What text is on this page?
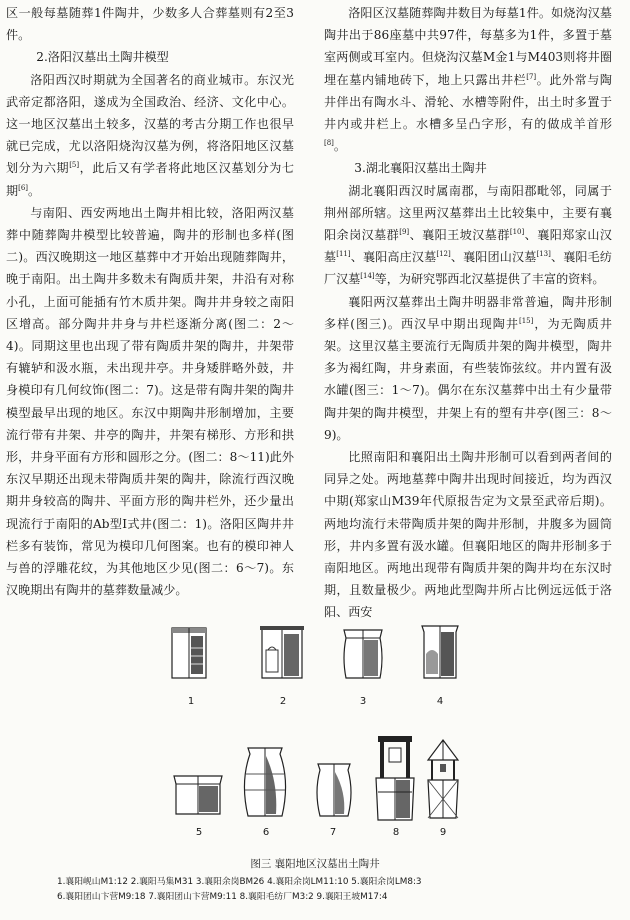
区一般每墓随葬1件陶井，少数多人合葬墓则有2至3件。

2.洛阳汉墓出土陶井模型

洛阳西汉时期就为全国著名的商业城市。东汉光武帝定都洛阳，遂成为全国政治、经济、文化中心。这一地区汉墓出土较多，汉墓的考古分期工作也很早就已完成，尤以洛阳烧沟汉墓为例，将洛阳地区汉墓划分为六期[5]，此后又有学者将此地区汉墓划分为七期[6]。

与南阳、西安两地出土陶井相比较，洛阳两汉墓葬中随葬陶井模型比较普遍，陶井的形制也多样(图二)。西汉晚期这一地区墓葬中才开始出现随葬陶井，晚于南阳。出土陶井多数未有陶质井架，井沿有对称小孔，上面可能插有竹木质井架。陶井井身较之南阳区增高。部分陶井井身与井栏逐渐分离(图二：2～4)。同期这里也出现了带有陶质井架的陶井，井架带有辘轳和汲水瓶，未出现井亭。井身矮胖略外鼓，井身模印有几何纹饰(图二：7)。这是带有陶井架的陶井模型最早出现的地区。东汉中期陶井形制增加，主要流行带有井架、井亭的陶井，井架有梯形、方形和拱形，井身平面有方形和圆形之分。(图二：8～11)此外东汉早期还出现未带陶质井架的陶井，除流行西汉晚期井身较高的陶井、平面方形的陶井栏外，还少量出现流行于南阳的Ab型Ⅰ式井(图二：1)。洛阳区陶井井栏多有装饰，常见为模印几何图案。也有的模印神人与兽的浮雕花纹，为其他地区少见(图二：6～7)。东汉晚期出有陶井的墓葬数量减少。

洛阳区汉墓随葬陶井数目为每墓1件。如烧沟汉墓陶井出于86座墓中共97件，每墓多为1件，多置于墓室两侧或耳室内。但烧沟汉墓M金1与M403则将井圈埋在墓内铺地砖下，地上只露出井栏[7]。此外常与陶井伴出有陶水斗、滑轮、水槽等附件，出土时多置于井内或井栏上。水槽多呈凸字形，有的做成羊首形[8]。

3.湖北襄阳汉墓出土陶井

湖北襄阳西汉时属南郡，与南阳郡毗邻，同属于荆州部所辖。这里两汉墓葬出土比较集中，主要有襄阳余岗汉墓群[9]、襄阳王坡汉墓群[10]、襄阳郑家山汉墓[11]、襄阳高庄汉墓[12]、襄阳团山汉墓[13]、襄阳毛纺厂汉墓[14]等，为研究鄂西北汉墓提供了丰富的资料。

襄阳两汉墓葬出土陶井明器非常普遍，陶井形制多样(图三)。西汉早中期出现陶井[15]，为无陶质井架。这里汉墓主要流行无陶质井架的陶井模型，陶井多为褐红陶，井身素面，有些装饰弦纹。井内置有汲水罐(图三：1～7)。偶尔在东汉墓葬中出土有少量带陶井架的陶井模型，井架上有的塑有井亭(图三：8～9)。

比照南阳和襄阳出土陶井形制可以看到两者间的同异之处。两地墓葬中陶井出现时间接近，均为西汉中期(郑家山M39年代原报告定为文景至武帝后期)。两地均流行未带陶质井架的陶井形制，井腹多为圆筒形，井内多置有汲水罐。但襄阳地区的陶井形制多于南阳地区。两地出现带有陶质井架的陶井均在东汉时期，且数量极少。两地此型陶井所占比例远远低于洛阳、西安

1	2	3	4
5	6	7	8	9
图三 襄阳地区汉墓出土陶井
1.襄阳岘山M1:12 2.襄阳马集M31 3.襄阳余岗BM26 4.襄阳余岗LM11:10 5.襄阳余岗LM8:3
6.襄阳团山卞营M9:18 7.襄阳团山卞营M9:11 8.襄阳毛纺厂M3:2 9.襄阳王坡M17:4
